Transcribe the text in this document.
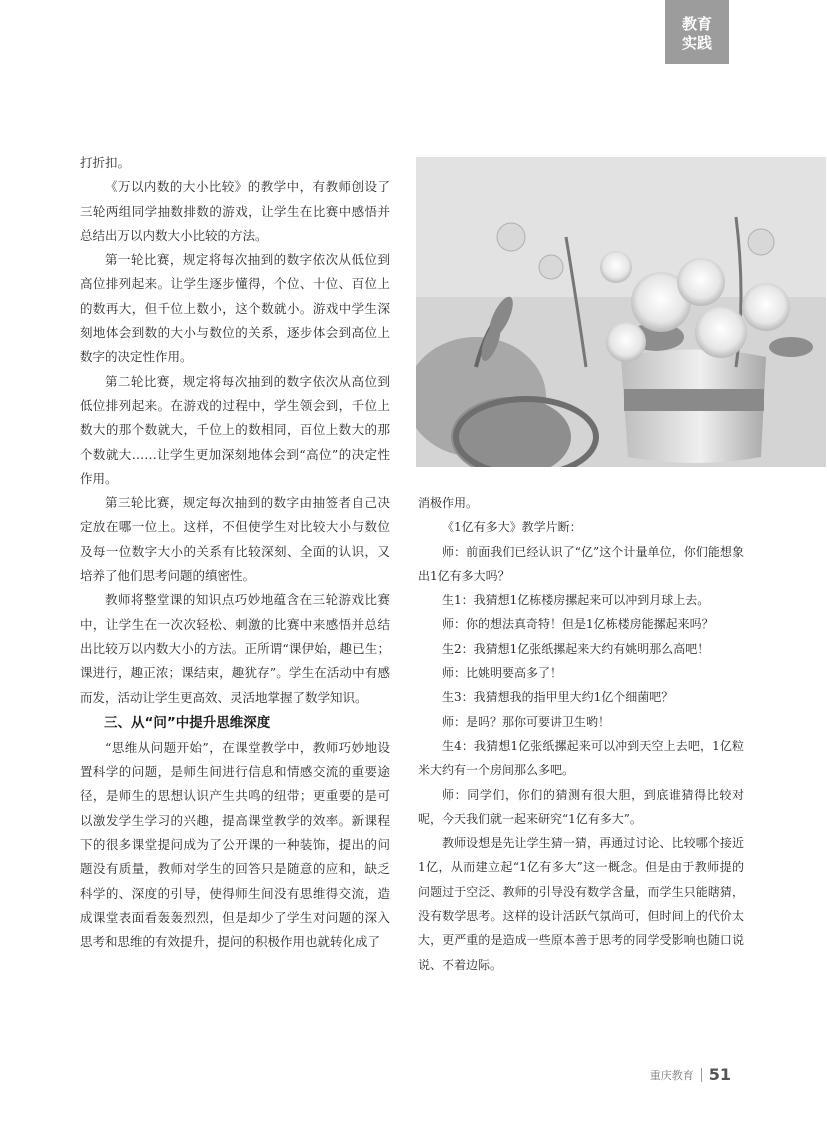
教育
实践

打折扣。

《万以内数的大小比较》的教学中，有教师创设了三轮两组同学抽数排数的游戏，让学生在比赛中感悟并总结出万以内数大小比较的方法。

第一轮比赛，规定将每次抽到的数字依次从低位到高位排列起来。让学生逐步懂得，个位、十位、百位上的数再大，但千位上数小，这个数就小。游戏中学生深刻地体会到数的大小与数位的关系，逐步体会到高位上数字的决定性作用。

第二轮比赛，规定将每次抽到的数字依次从高位到低位排列起来。在游戏的过程中，学生领会到，千位上数大的那个数就大，千位上的数相同，百位上数大的那个数就大……让学生更加深刻地体会到“高位”的决定性作用。

第三轮比赛，规定每次抽到的数字由抽签者自己决定放在哪一位上。这样，不但使学生对比较大小与数位及每一位数字大小的关系有比较深刻、全面的认识，又培养了他们思考问题的缜密性。

教师将整堂课的知识点巧妙地蕴含在三轮游戏比赛中，让学生在一次次轻松、刺激的比赛中来感悟并总结出比较万以内数大小的方法。正所谓“课伊始，趣已生；课进行，趣正浓；课结束，趣犹存”。学生在活动中有感而发，活动让学生更高效、灵活地掌握了数学知识。

三、从“问”中提升思维深度

“思维从问题开始”，在课堂教学中，教师巧妙地设置科学的问题，是师生间进行信息和情感交流的重要途径，是师生的思想认识产生共鸣的纽带；更重要的是可以激发学生学习的兴趣，提高课堂教学的效率。新课程下的很多课堂提问成为了公开课的一种装饰，提出的问题没有质量，教师对学生的回答只是随意的应和，缺乏科学的、深度的引导，使得师生间没有思维得交流，造成课堂表面看轰轰烈烈，但是却少了学生对问题的深入思考和思维的有效提升，提问的积极作用也就转化成了

消极作用。

《1亿有多大》教学片断：

师：前面我们已经认识了“亿”这个计量单位，你们能想象出1亿有多大吗？

生1：我猜想1亿栋楼房摞起来可以冲到月球上去。

师：你的想法真奇特！但是1亿栋楼房能摞起来吗？

生2：我猜想1亿张纸摞起来大约有姚明那么高吧！

师：比姚明要高多了！

生3：我猜想我的指甲里大约1亿个细菌吧？

师：是吗？那你可要讲卫生哟！

生4：我猜想1亿张纸摞起来可以冲到天空上去吧，1亿粒米大约有一个房间那么多吧。

师：同学们，你们的猜测有很大胆，到底谁猜得比较对呢，今天我们就一起来研究“1亿有多大”。

教师设想是先让学生猜一猜，再通过讨论、比较哪个接近1亿，从而建立起“1亿有多大”这一概念。但是由于教师提的问题过于空泛、教师的引导没有数学含量，而学生只能瞎猜，没有数学思考。这样的设计活跃气氛尚可，但时间上的代价太大，更严重的是造成一些原本善于思考的同学受影响也随口说说、不着边际。

重庆教育 51
